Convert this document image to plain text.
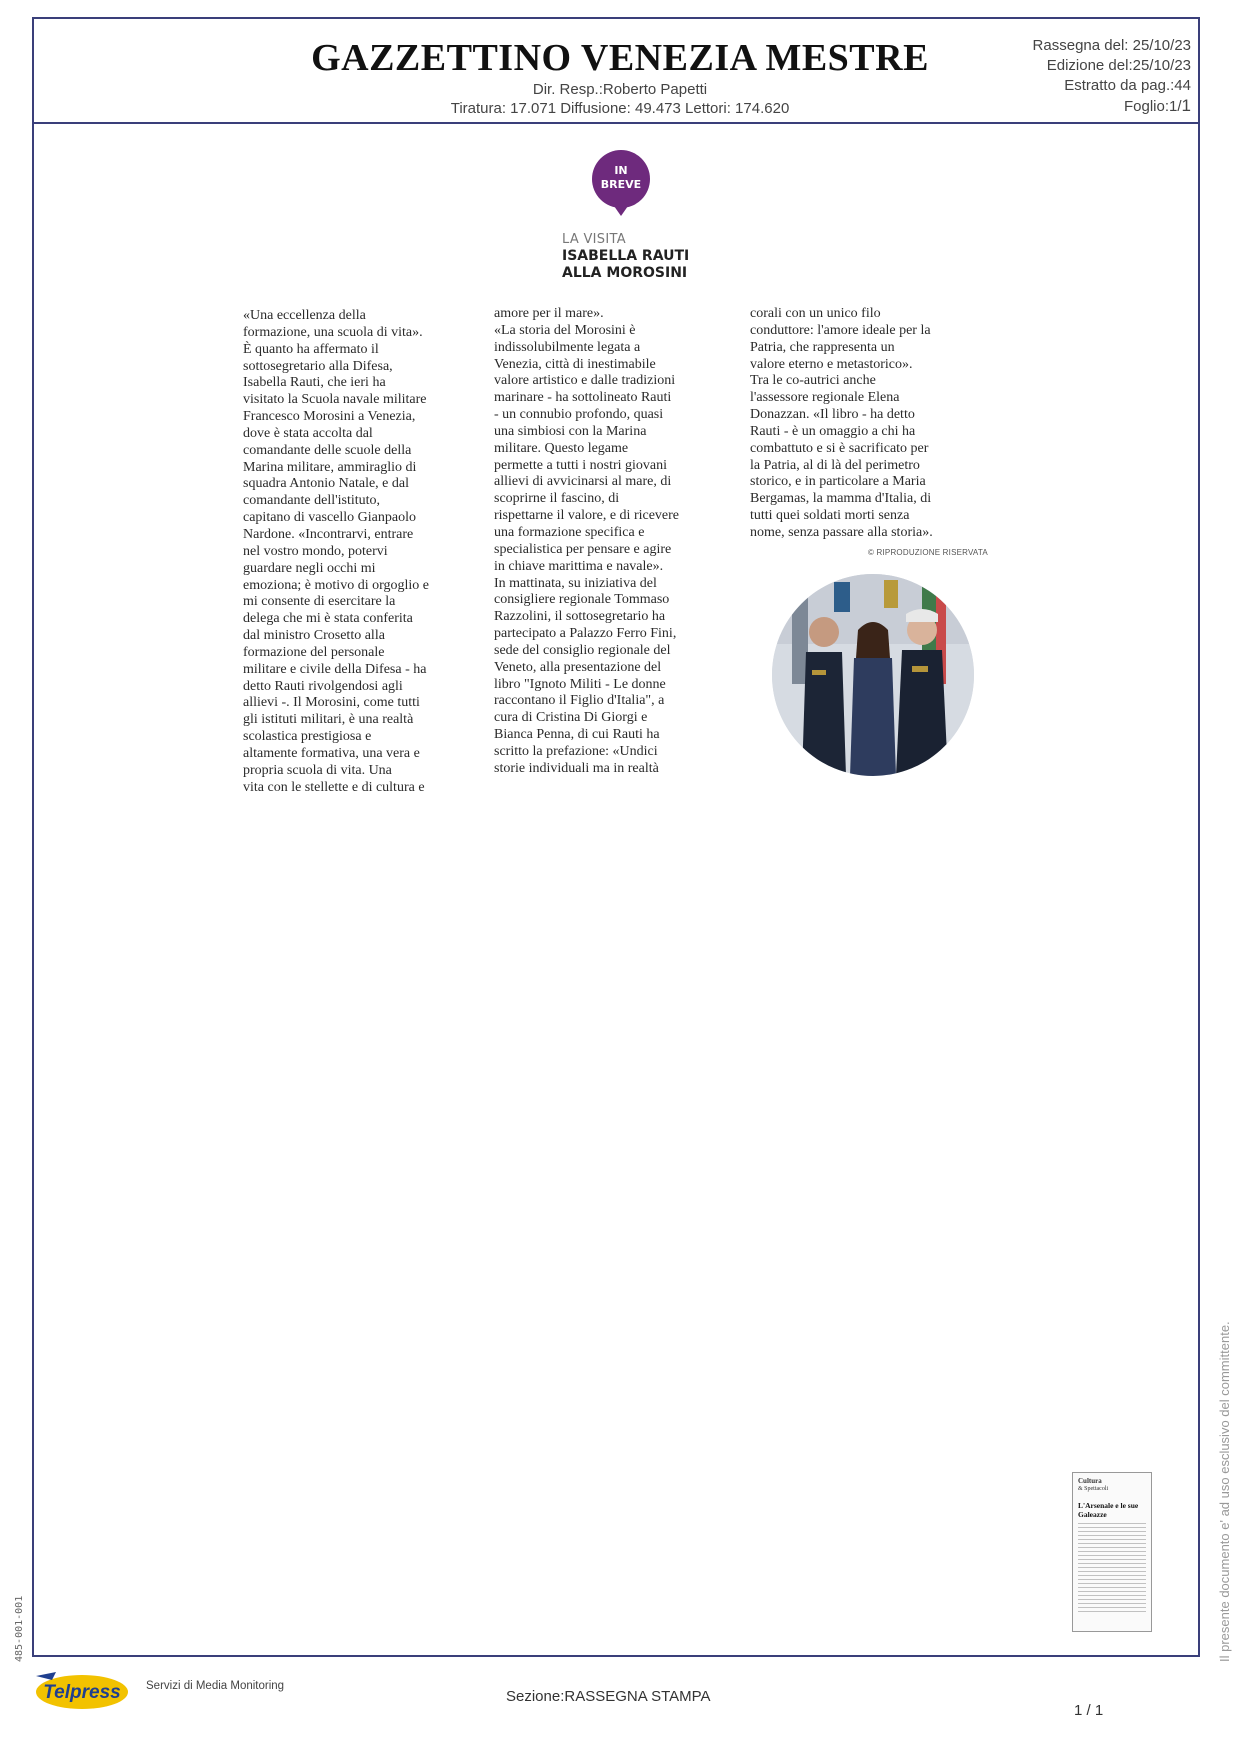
GAZZETTINO VENEZIA MESTRE
Dir. Resp.:Roberto Papetti
Tiratura: 17.071 Diffusione: 49.473 Lettori: 174.620
Rassegna del: 25/10/23
Edizione del:25/10/23
Estratto da pag.:44
Foglio:1/1
IN
BREVE
LA VISITA
ISABELLA RAUTI
ALLA MOROSINI
«Una eccellenza della
formazione, una scuola di vita».
È quanto ha affermato il
sottosegretario alla Difesa,
Isabella Rauti, che ieri ha
visitato la Scuola navale militare
Francesco Morosini a Venezia,
dove è stata accolta dal
comandante delle scuole della
Marina militare, ammiraglio di
squadra Antonio Natale, e dal
comandante dell'istituto,
capitano di vascello Gianpaolo
Nardone. «Incontrarvi, entrare
nel vostro mondo, potervi
guardare negli occhi mi
emoziona; è motivo di orgoglio e
mi consente di esercitare la
delega che mi è stata conferita
dal ministro Crosetto alla
formazione del personale
militare e civile della Difesa - ha
detto Rauti rivolgendosi agli
allievi -. Il Morosini, come tutti
gli istituti militari, è una realtà
scolastica prestigiosa e
altamente formativa, una vera e
propria scuola di vita. Una
vita con le stellette e di cultura e
amore per il mare».
«La storia del Morosini è
indissolubilmente legata a
Venezia, città di inestimabile
valore artistico e dalle tradizioni
marinare - ha sottolineato Rauti
- un connubio profondo, quasi
una simbiosi con la Marina
militare. Questo legame
permette a tutti i nostri giovani
allievi di avvicinarsi al mare, di
scoprirne il fascino, di
rispettarne il valore, e di ricevere
una formazione specifica e
specialistica per pensare e agire
in chiave marittima e navale».
In mattinata, su iniziativa del
consigliere regionale Tommaso
Razzolini, il sottosegretario ha
partecipato a Palazzo Ferro Fini,
sede del consiglio regionale del
Veneto, alla presentazione del
libro "Ignoto Militi - Le donne
raccontano il Figlio d'Italia", a
cura di Cristina Di Giorgi e
Bianca Penna, di cui Rauti ha
scritto la prefazione: «Undici
storie individuali ma in realtà
corali con un unico filo
conduttore: l'amore ideale per la
Patria, che rappresenta un
valore eterno e metastorico».
Tra le co-autrici anche
l'assessore regionale Elena
Donazzan. «Il libro - ha detto
Rauti - è un omaggio a chi ha
combattuto e si è sacrificato per
la Patria, al di là del perimetro
storico, e in particolare a Maria
Bergamas, la mamma d'Italia, di
tutti quei soldati morti senza
nome, senza passare alla storia».
© RIPRODUZIONE RISERVATA
Cultura
& Spettacoli
L'Arsenale e le sue Galeazze	Il presente documento e' ad uso esclusivo del committente.
485-001-001
Telpress Servizi di Media Monitoring
Sezione:RASSEGNA STAMPA
1 / 1
